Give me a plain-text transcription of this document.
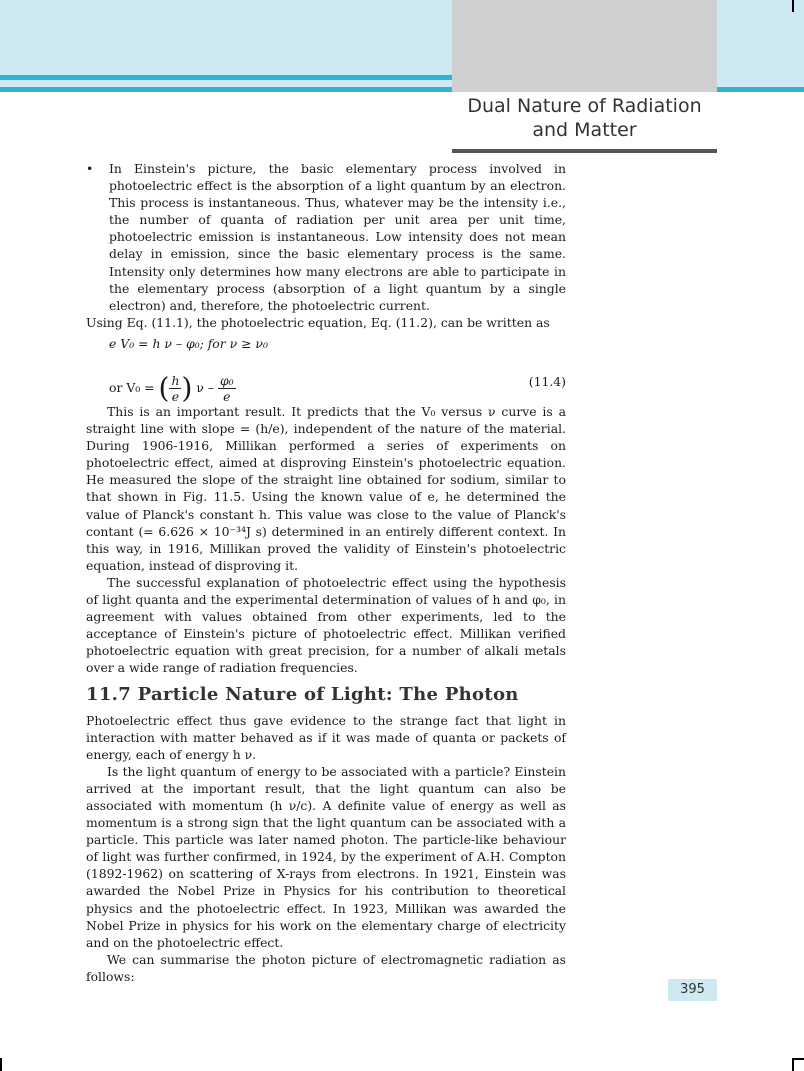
Dual Nature of Radiation
and Matter
• In Einstein's picture, the basic elementary process involved in photoelectric effect is the absorption of a light quantum by an electron. This process is instantaneous. Thus, whatever may be the intensity i.e., the number of quanta of radiation per unit area per unit time, photoelectric emission is instantaneous. Low intensity does not mean delay in emission, since the basic elementary process is the same. Intensity only determines how many electrons are able to participate in the elementary process (absorption of a light quantum by a single electron) and, therefore, the photoelectric current.

Using Eq. (11.1), the photoelectric equation, Eq. (11.2), can be written as

e V₀ = h ν – φ₀; for ν ≥ ν₀
or V₀ = ( $\frac{h}{e}$ ) ν – $\frac{\text{φ₀}}{e}$	(11.4)

This is an important result. It predicts that the V₀ versus ν curve is a straight line with slope = (h/e), independent of the nature of the material. During 1906-1916, Millikan performed a series of experiments on photoelectric effect, aimed at disproving Einstein's photoelectric equation. He measured the slope of the straight line obtained for sodium, similar to that shown in Fig. 11.5. Using the known value of e, he determined the value of Planck's constant h. This value was close to the value of Planck's contant (= 6.626 × 10⁻³⁴J s) determined in an entirely different context. In this way, in 1916, Millikan proved the validity of Einstein's photoelectric equation, instead of disproving it.

The successful explanation of photoelectric effect using the hypothesis of light quanta and the experimental determination of values of h and φ₀, in agreement with values obtained from other experiments, led to the acceptance of Einstein's picture of photoelectric effect. Millikan verified photoelectric equation with great precision, for a number of alkali metals over a wide range of radiation frequencies.

11.7 Particle Nature of Light: The Photon

Photoelectric effect thus gave evidence to the strange fact that light in interaction with matter behaved as if it was made of quanta or packets of energy, each of energy h ν.

Is the light quantum of energy to be associated with a particle? Einstein arrived at the important result, that the light quantum can also be associated with momentum (h ν/c). A definite value of energy as well as momentum is a strong sign that the light quantum can be associated with a particle. This particle was later named photon. The particle-like behaviour of light was further confirmed, in 1924, by the experiment of A.H. Compton (1892-1962) on scattering of X-rays from electrons. In 1921, Einstein was awarded the Nobel Prize in Physics for his contribution to theoretical physics and the photoelectric effect. In 1923, Millikan was awarded the Nobel Prize in physics for his work on the elementary charge of electricity and on the photoelectric effect.

We can summarise the photon picture of electromagnetic radiation as follows:

395
